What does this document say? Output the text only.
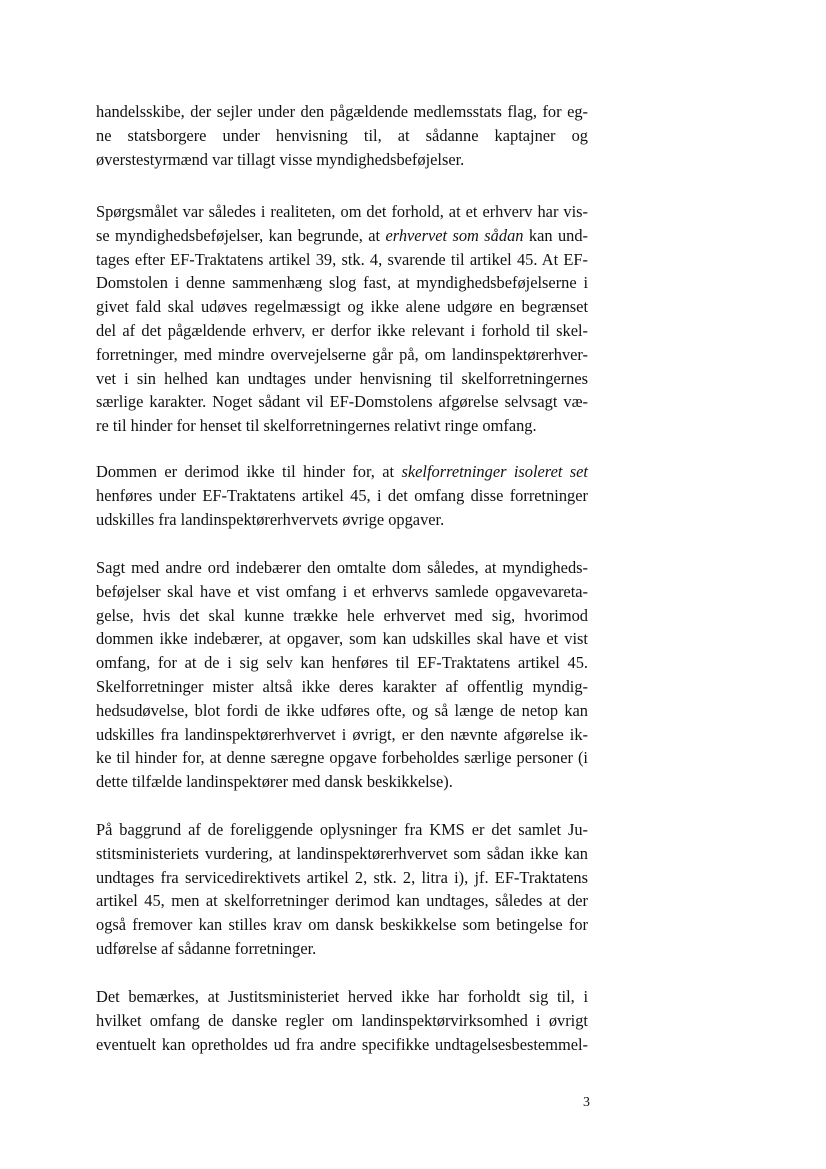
handelsskibe, der sejler under den pågældende medlemsstats flag, for eg-
ne statsborgere under henvisning til, at sådanne kaptajner og
øverstestyrmænd var tillagt visse myndighedsbeføjelser.
Spørgsmålet var således i realiteten, om det forhold, at et erhverv har vis-
se myndighedsbeføjelser, kan begrunde, at erhvervet som sådan kan und-
tages efter EF-Traktatens artikel 39, stk. 4, svarende til artikel 45. At EF-
Domstolen i denne sammenhæng slog fast, at myndighedsbeføjelserne i
givet fald skal udøves regelmæssigt og ikke alene udgøre en begrænset
del af det pågældende erhverv, er derfor ikke relevant i forhold til skel-
forretninger, med mindre overvejelserne går på, om landinspektørerhver-
vet i sin helhed kan undtages under henvisning til skelforretningernes
særlige karakter. Noget sådant vil EF-Domstolens afgørelse selvsagt væ-
re til hinder for henset til skelforretningernes relativt ringe omfang.
Dommen er derimod ikke til hinder for, at skelforretninger isoleret set
henføres under EF-Traktatens artikel 45, i det omfang disse forretninger
udskilles fra landinspektørerhvervets øvrige opgaver.
Sagt med andre ord indebærer den omtalte dom således, at myndigheds-
beføjelser skal have et vist omfang i et erhvervs samlede opgavevareta-
gelse, hvis det skal kunne trække hele erhvervet med sig, hvorimod
dommen ikke indebærer, at opgaver, som kan udskilles skal have et vist
omfang, for at de i sig selv kan henføres til EF-Traktatens artikel 45.
Skelforretninger mister altså ikke deres karakter af offentlig myndig-
hedsudøvelse, blot fordi de ikke udføres ofte, og så længe de netop kan
udskilles fra landinspektørerhvervet i øvrigt, er den nævnte afgørelse ik-
ke til hinder for, at denne særegne opgave forbeholdes særlige personer (i
dette tilfælde landinspektører med dansk beskikkelse).
På baggrund af de foreliggende oplysninger fra KMS er det samlet Ju-
stitsministeriets vurdering, at landinspektørerhvervet som sådan ikke kan
undtages fra servicedirektivets artikel 2, stk. 2, litra i), jf. EF-Traktatens
artikel 45, men at skelforretninger derimod kan undtages, således at der
også fremover kan stilles krav om dansk beskikkelse som betingelse for
udførelse af sådanne forretninger.
Det bemærkes, at Justitsministeriet herved ikke har forholdt sig til, i
hvilket omfang de danske regler om landinspektørvirksomhed i øvrigt
eventuelt kan opretholdes ud fra andre specifikke undtagelsesbestemmel-
3
